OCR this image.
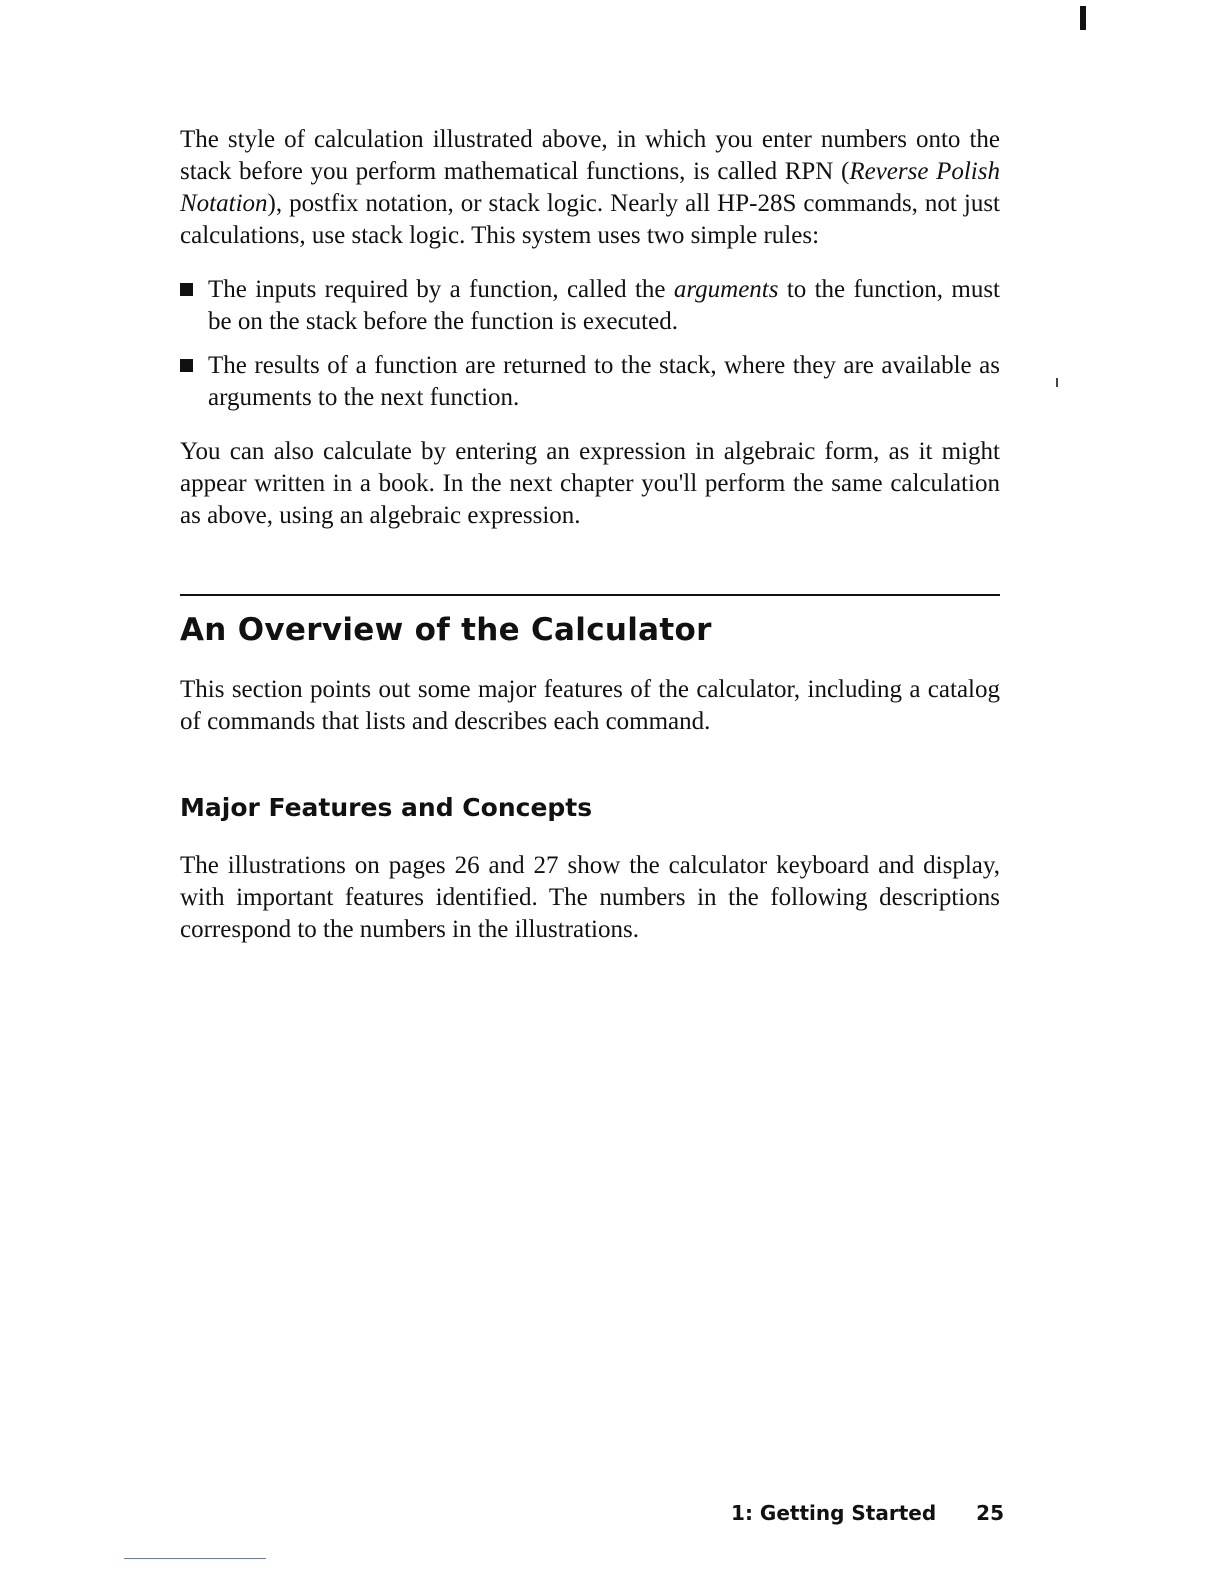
The style of calculation illustrated above, in which you enter numbers onto the stack before you perform mathematical functions, is called RPN (Reverse Polish Notation), postfix notation, or stack logic. Nearly all HP-28S commands, not just calculations, use stack logic. This system uses two simple rules:

The inputs required by a function, called the arguments to the function, must be on the stack before the function is executed.
The results of a function are returned to the stack, where they are available as arguments to the next function.

You can also calculate by entering an expression in algebraic form, as it might appear written in a book. In the next chapter you'll perform the same calculation as above, using an algebraic expression.

An Overview of the Calculator

This section points out some major features of the calculator, including a catalog of commands that lists and describes each command.

Major Features and Concepts

The illustrations on pages 26 and 27 show the calculator keyboard and display, with important features identified. The numbers in the following descriptions correspond to the numbers in the illustrations.

1: Getting Started 25
